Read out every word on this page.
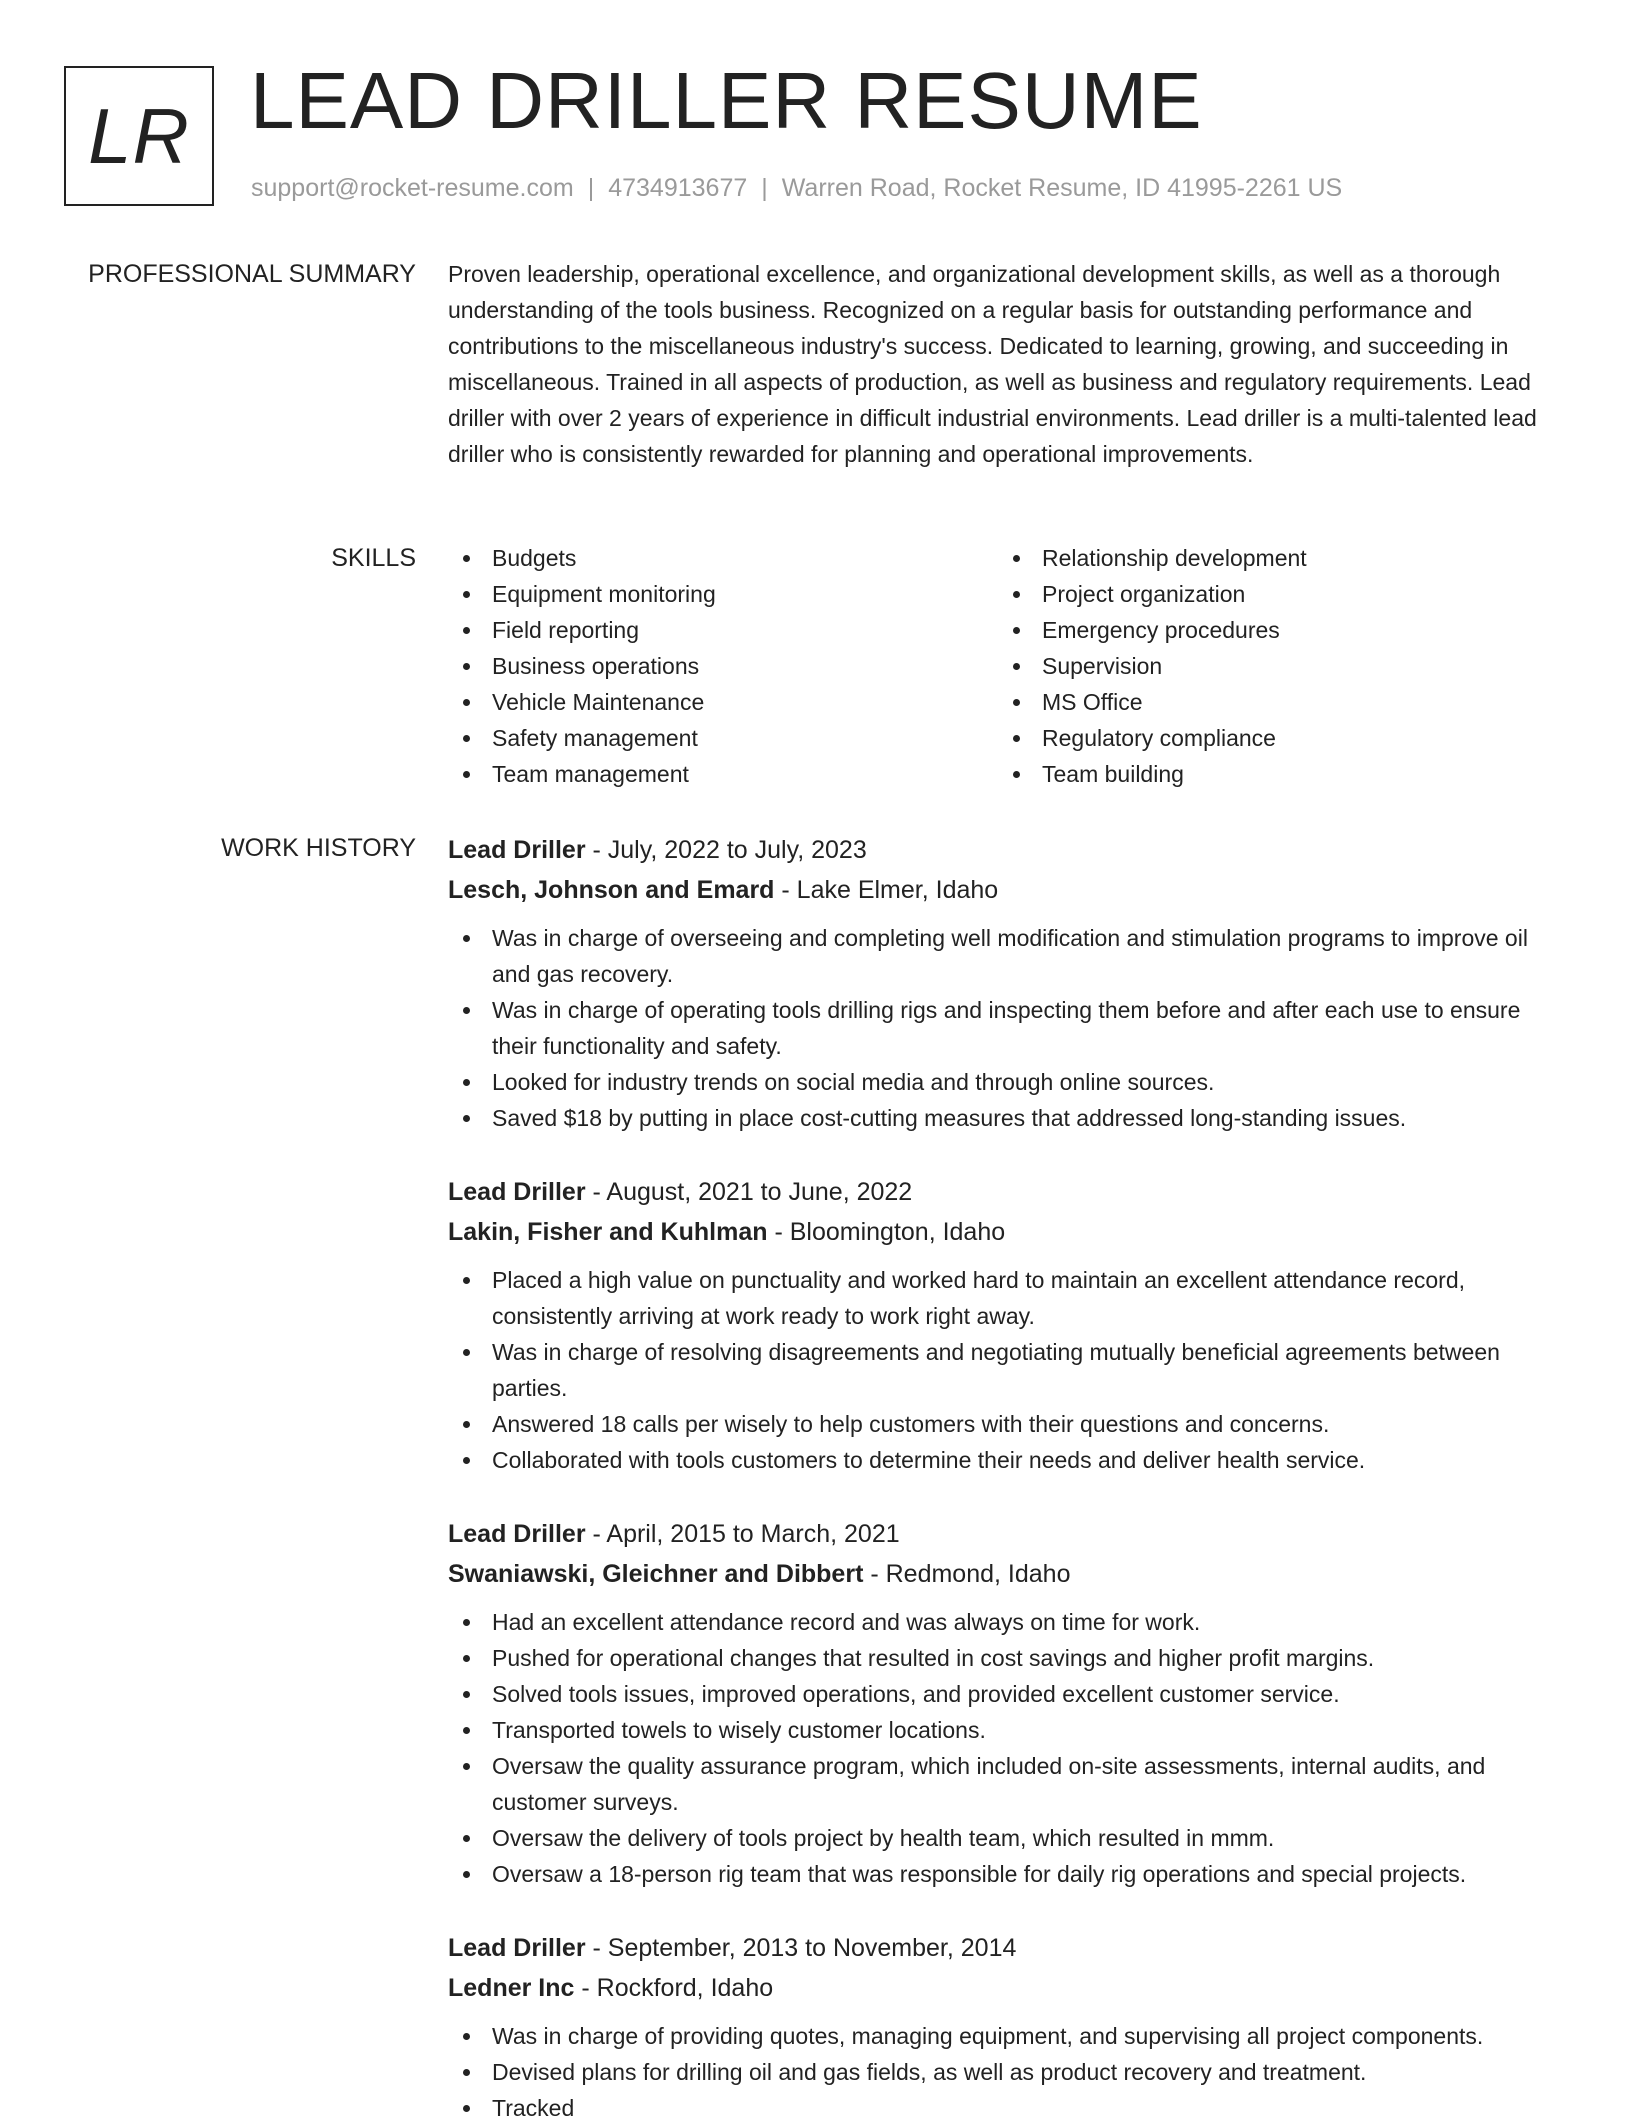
LR LEAD DRILLER RESUME
support@rocket-resume.com | 4734913677 | Warren Road, Rocket Resume, ID 41995-2261 US
PROFESSIONAL SUMMARY Proven leadership, operational excellence, and organizational development skills, as well as a thorough understanding of the tools business. Recognized on a regular basis for outstanding performance and contributions to the miscellaneous industry's success. Dedicated to learning, growing, and succeeding in miscellaneous. Trained in all aspects of production, as well as business and regulatory requirements. Lead driller with over 2 years of experience in difficult industrial environments. Lead driller is a multi-talented lead driller who is consistently rewarded for planning and operational improvements.

SKILLS	Budgets
Equipment monitoring
Field reporting
Business operations
Vehicle Maintenance
Safety management
Team management
Relationship development
Project organization
Emergency procedures
Supervision
MS Office
Regulatory compliance
Team building
WORK HISTORY Lead Driller - July, 2022 to July, 2023
Lesch, Johnson and Emard - Lake Elmer, Idaho
Was in charge of overseeing and completing well modification and stimulation programs to improve oil and gas recovery.
Was in charge of operating tools drilling rigs and inspecting them before and after each use to ensure their functionality and safety.
Looked for industry trends on social media and through online sources.
Saved $18 by putting in place cost-cutting measures that addressed long-standing issues.
Lead Driller - August, 2021 to June, 2022
Lakin, Fisher and Kuhlman - Bloomington, Idaho
Placed a high value on punctuality and worked hard to maintain an excellent attendance record, consistently arriving at work ready to work right away.
Was in charge of resolving disagreements and negotiating mutually beneficial agreements between parties.
Answered 18 calls per wisely to help customers with their questions and concerns.
Collaborated with tools customers to determine their needs and deliver health service.
Lead Driller - April, 2015 to March, 2021
Swaniawski, Gleichner and Dibbert - Redmond, Idaho
Had an excellent attendance record and was always on time for work.
Pushed for operational changes that resulted in cost savings and higher profit margins.
Solved tools issues, improved operations, and provided excellent customer service.
Transported towels to wisely customer locations.
Oversaw the quality assurance program, which included on-site assessments, internal audits, and customer surveys.
Oversaw the delivery of tools project by health team, which resulted in mmm.
Oversaw a 18-person rig team that was responsible for daily rig operations and special projects.
Lead Driller - September, 2013 to November, 2014
Ledner Inc - Rockford, Idaho
Was in charge of providing quotes, managing equipment, and supervising all project components.
Devised plans for drilling oil and gas fields, as well as product recovery and treatment.
Tracked
